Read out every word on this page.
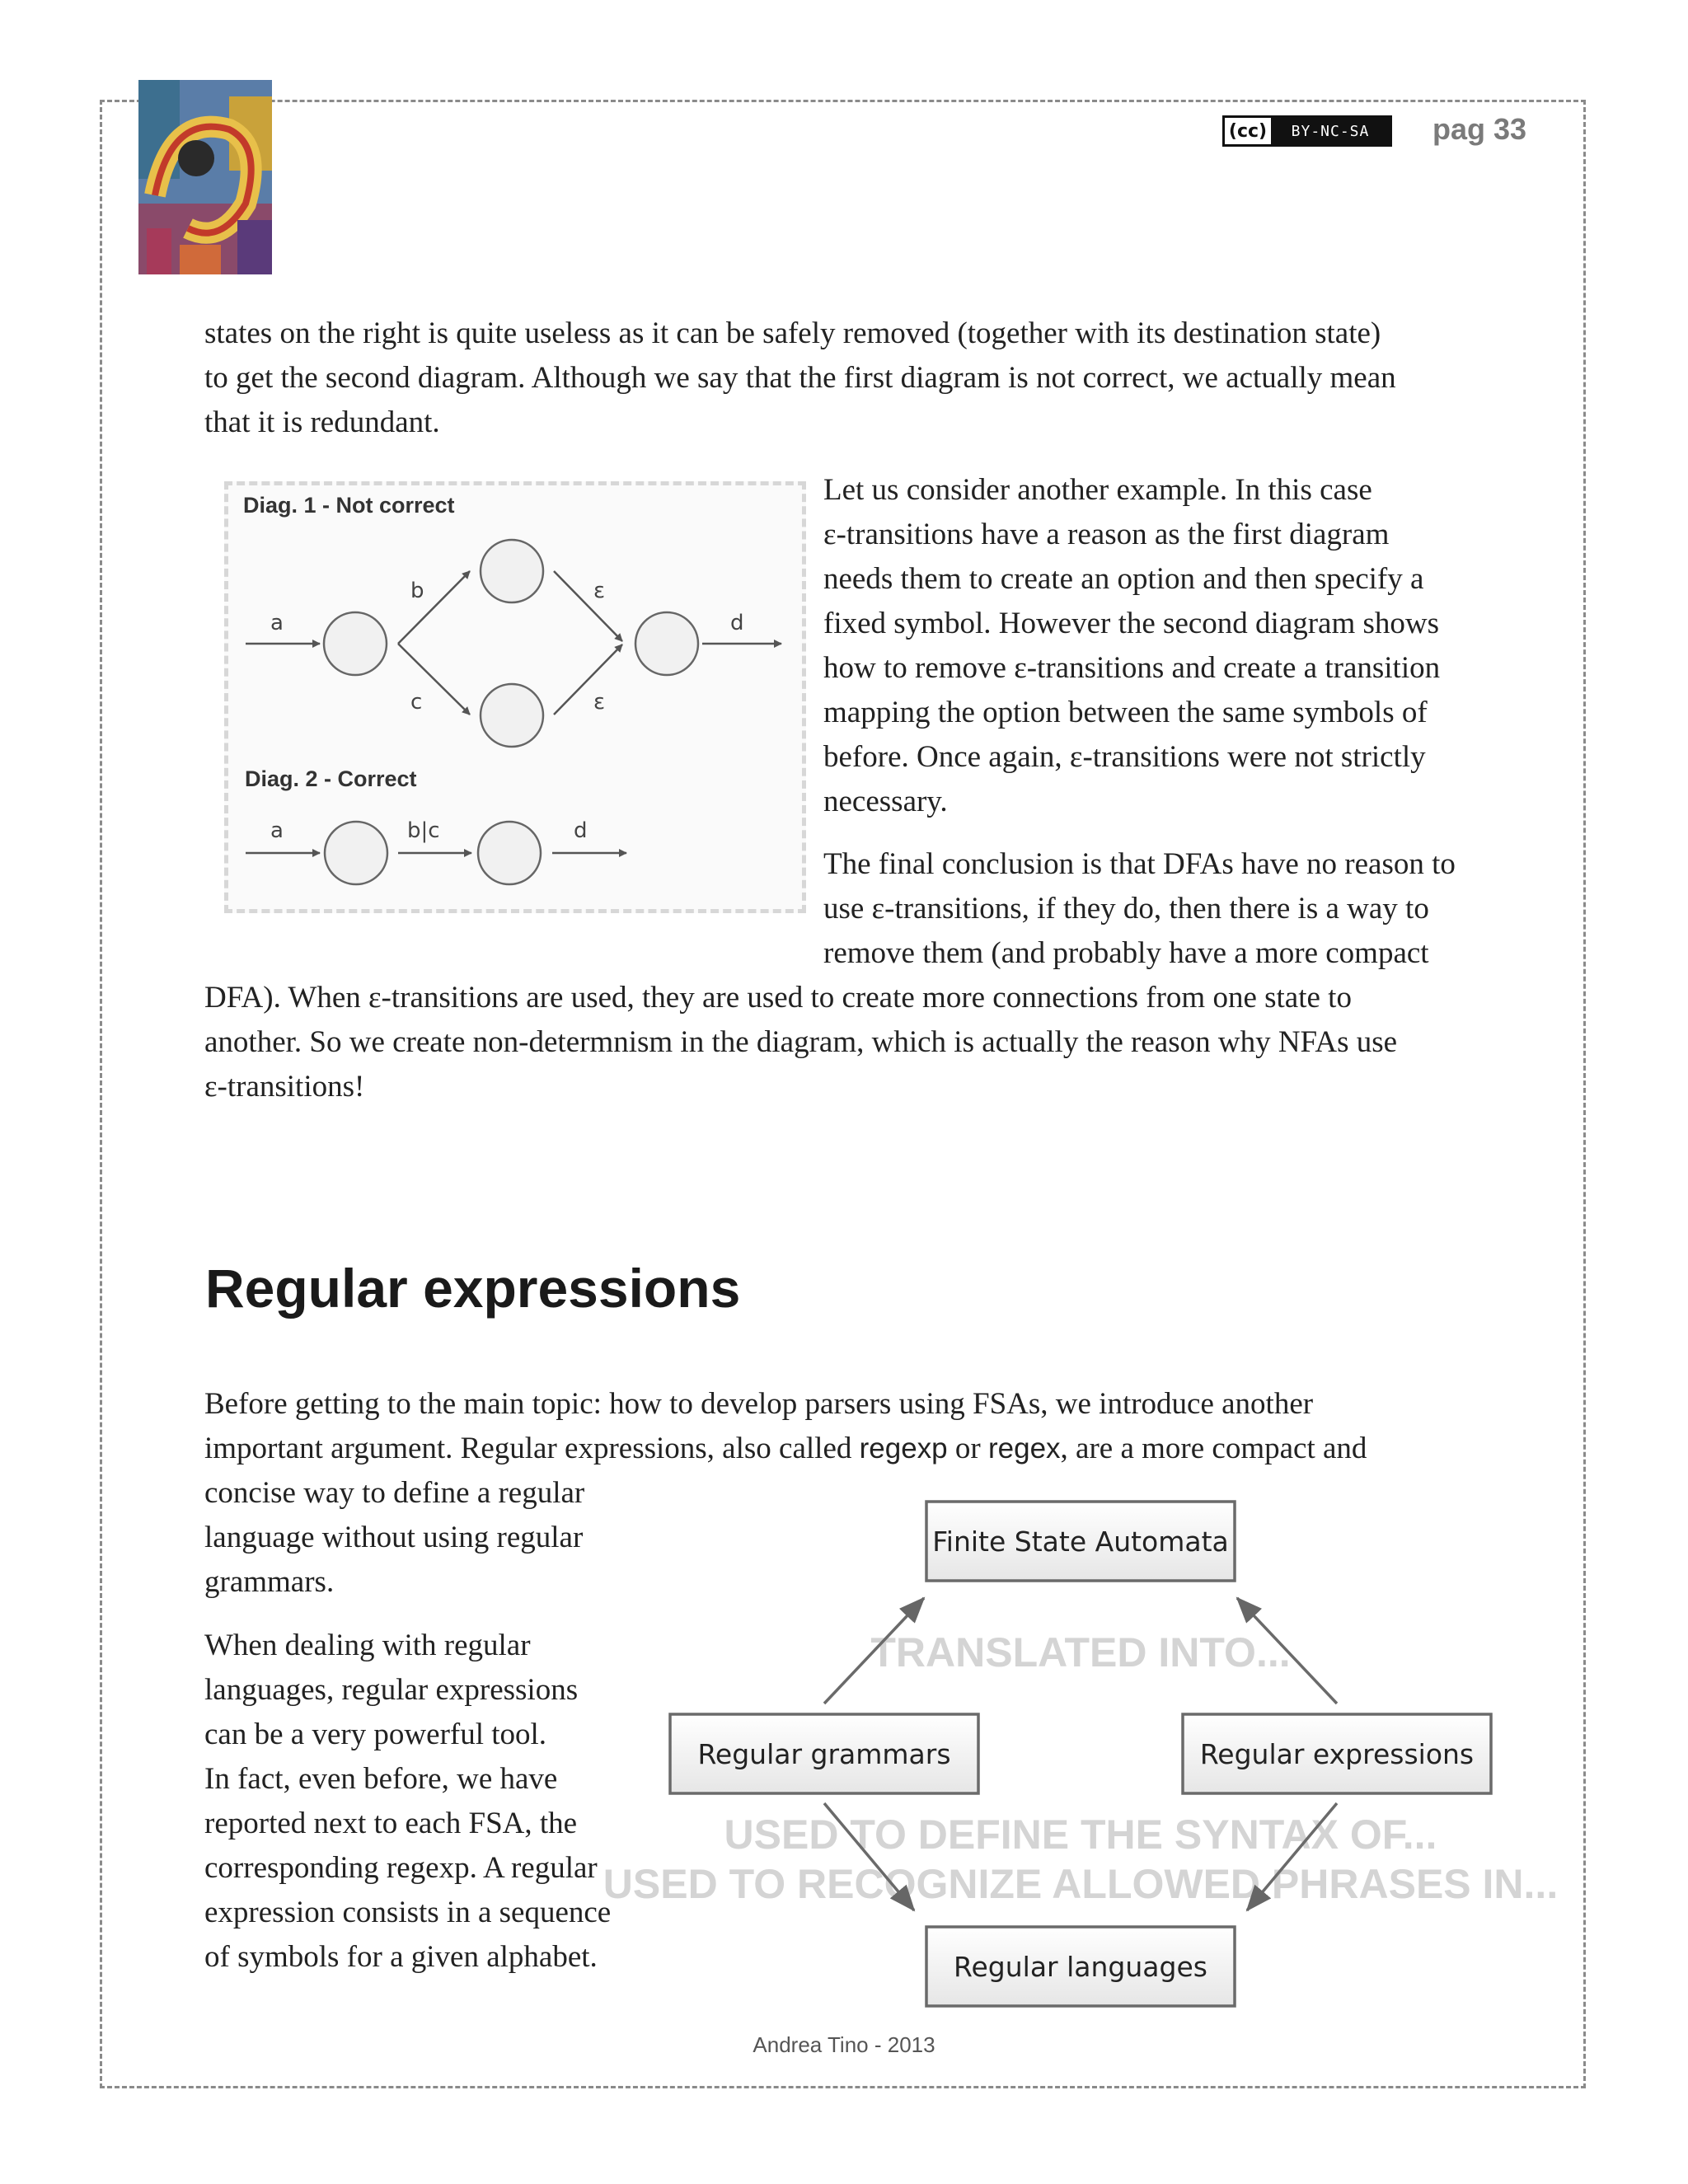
(cc)	BY-NC-SA	pag 33
states on the right is quite useless as it can be safely removed (together with its destination state)
to get the second diagram. Although we say that the first diagram is not correct, we actually mean
that it is redundant.
Diag. 1 - Not correct
Diag. 2 - Correct
a
b
c
ε
ε
d
a	b|c	d
Let us consider another example. In this case
ε-transitions have a reason as the first diagram
needs them to create an option and then specify a
fixed symbol. However the second diagram shows
how to remove ε-transitions and create a transition
mapping the option between the same symbols of
before. Once again, ε-transitions were not strictly
necessary.
The final conclusion is that DFAs have no reason to
use ε-transitions, if they do, then there is a way to
remove them (and probably have a more compact
DFA). When ε-transitions are used, they are used to create more connections from one state to
another. So we create non-determnism in the diagram, which is actually the reason why NFAs use
ε-transitions!
Regular expressions
Before getting to the main topic: how to develop parsers using FSAs, we introduce another
important argument. Regular expressions, also called regexp or regex, are a more compact and
concise way to define a regular
language without using regular
grammars.
When dealing with regular
languages, regular expressions
can be a very powerful tool.
In fact, even before, we have
reported next to each FSA, the
corresponding regexp. A regular
expression consists in a sequence
of symbols for a given alphabet.
TRANSLATED INTO...
USED TO DEFINE THE SYNTAX OF...
USED TO RECOGNIZE ALLOWED PHRASES IN...
Finite State Automata
Regular grammars	Regular expressions
Regular languages
Andrea Tino - 2013
